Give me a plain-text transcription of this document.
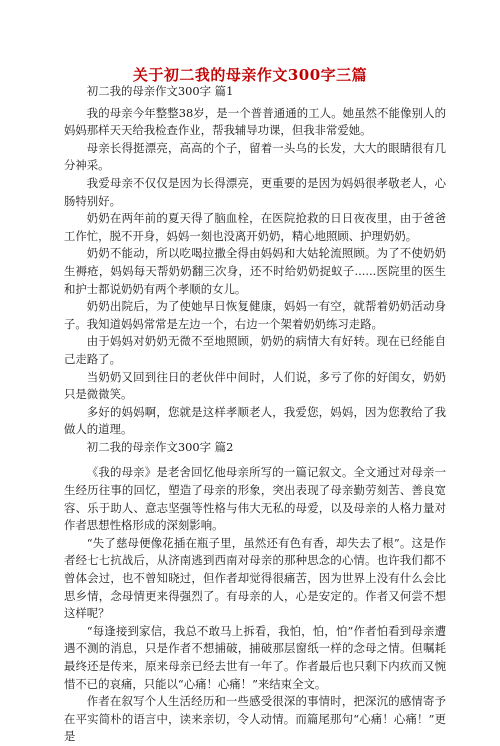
关于初二我的母亲作文300字三篇

初二我的母亲作文300字 篇1

我的母亲今年整整38岁，是一个普普通通的工人。她虽然不能像别人的妈妈那样天天给我检查作业，帮我辅导功课，但我非常爱她。

母亲长得挺漂亮，高高的个子，留着一头乌的长发，大大的眼睛很有几分神采。

我爱母亲不仅仅是因为长得漂亮，更重要的是因为妈妈很孝敬老人，心肠特别好。

奶奶在两年前的夏天得了脑血栓，在医院抢救的日日夜夜里，由于爸爸工作忙，脱不开身，妈妈一刻也没离开奶奶，精心地照顾、护理奶奶。

奶奶不能动，所以吃喝拉撒全得由妈妈和大姑轮流照顾。为了不使奶奶生褥疮，妈妈每天帮奶奶翻三次身，还不时给奶奶捉蚁子......医院里的医生和护士都说奶奶有两个孝顺的女儿。

奶奶出院后，为了使她早日恢复健康，妈妈一有空，就帮着奶奶活动身子。我知道妈妈常常是左边一个，右边一个架着奶奶练习走路。

由于妈妈对奶奶无微不至地照顾，奶奶的病情大有好转。现在已经能自己走路了。

当奶奶又回到往日的老伙伴中间时，人们说，多亏了你的好闺女，奶奶只是微微笑。

多好的妈妈啊，您就是这样孝顺老人，我爱您，妈妈，因为您教给了我做人的道理。

初二我的母亲作文300字 篇2

《我的母亲》是老舍回忆他母亲所写的一篇记叙文。全文通过对母亲一生经历往事的回忆，塑造了母亲的形象，突出表现了母亲勤劳刻苦、善良宽容、乐于助人、意志坚强等性格与伟大无私的母爱，以及母亲的人格力量对作者思想性格形成的深刻影响。

“失了慈母便像花插在瓶子里，虽然还有色有香，却失去了根”。这是作者经七七抗战后，从济南逃到西南对母亲的那种思念的心情。也许我们都不曾体会过，也不曾知晓过，但作者却觉得很痛苦，因为世界上没有什么会比思乡情，念母情更来得强烈了。有母亲的人，心是安定的。作者又何尝不想这样呢？

“每逢接到家信，我总不敢马上拆看，我怕，怕，怕”作者怕看到母亲遭遇不测的消息，只是作者不想捕破，捕破那层窗纸一样的念母之情。但嘱耗最终还是传来，原来母亲已经去世有一年了。作者最后也只剩下内疚而又惋惜不已的哀痛，只能以“心痛！心痛！”来结束全文。

作者在叙写个人生活经历和一些感受很深的事情时，把深沉的感情寄予在平实简朴的语言中，读来亲切，令人动情。而篇尾那句“心痛！心痛！”更是
